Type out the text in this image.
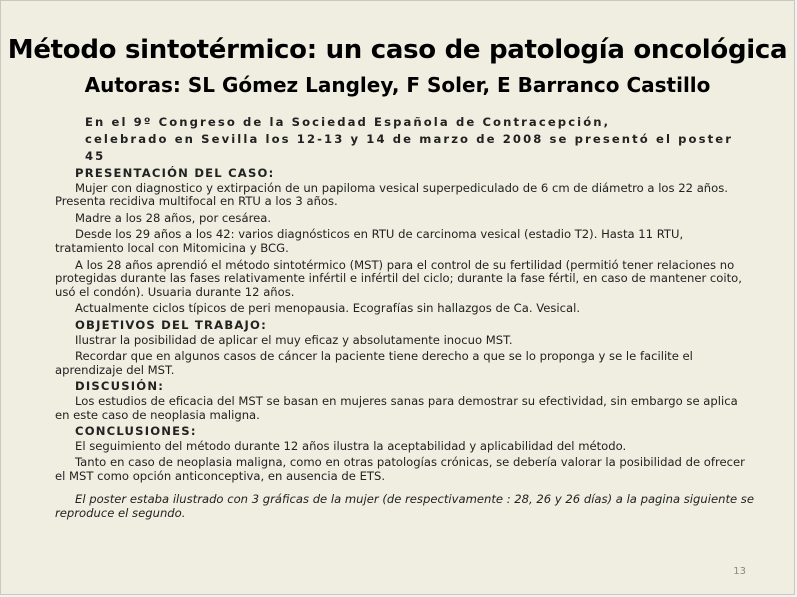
Método sintotérmico: un caso de patología oncológica
Autoras: SL Gómez Langley, F Soler, E Barranco Castillo
En el 9º Congreso de la Sociedad Española de Contracepción,
celebrado en Sevilla los 12-13 y 14 de marzo de 2008 se presentó el poster 45
PRESENTACIÓN DEL CASO:
Mujer con diagnostico y extirpación de un papiloma vesical superpediculado de 6 cm de diámetro a los 22 años. Presenta recidiva multifocal en RTU a los 3 años.
Madre a los 28 años, por cesárea.
Desde los 29 años a los 42: varios diagnósticos en RTU de carcinoma vesical (estadio T2). Hasta 11 RTU, tratamiento local con Mitomicina y BCG.
A los 28 años aprendió el método sintotérmico (MST) para el control de su fertilidad (permitió tener relaciones no protegidas durante las fases relativamente infértil e infértil del ciclo; durante la fase fértil, en caso de mantener coito, usó el condón). Usuaria durante 12 años.
Actualmente ciclos típicos de peri menopausia. Ecografías sin hallazgos de Ca. Vesical.
OBJETIVOS DEL TRABAJO:
Ilustrar la posibilidad de aplicar el muy eficaz y absolutamente inocuo MST.
Recordar que en algunos casos de cáncer la paciente tiene derecho a que se lo proponga y se le facilite el aprendizaje del MST.
DISCUSIÓN:
Los estudios de eficacia del MST se basan en mujeres sanas para demostrar su efectividad, sin embargo se aplica en este caso de neoplasia maligna.
CONCLUSIONES:
El seguimiento del método durante 12 años ilustra la aceptabilidad y aplicabilidad del método.
Tanto en caso de neoplasia maligna, como en otras patologías crónicas, se debería valorar la posibilidad de ofrecer el MST como opción anticonceptiva, en ausencia de ETS.
El poster estaba ilustrado con 3 gráficas de la mujer (de respectivamente : 28, 26 y 26 días) a la pagina siguiente se reproduce el segundo.
13
